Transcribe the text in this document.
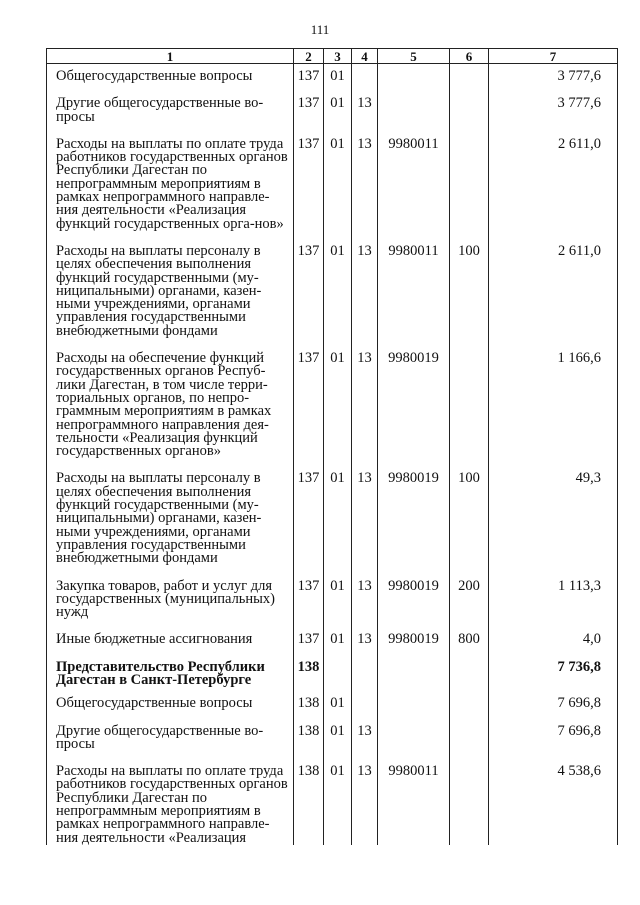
111
1	2	3	4	5	6	7
Общегосударственные вопросы	137	01				3 777,6
Другие общегосударственные во-просы	137	01	13			3 777,6
Расходы на выплаты по оплате труда работников государственных органов Республики Дагестан по непрограммным мероприятиям в рамках непрограммного направле-ния деятельности «Реализация функций государственных орга-нов»	137	01	13	9980011		2 611,0
Расходы на выплаты персоналу в целях обеспечения выполнения функций государственными (му-ниципальными) органами, казен-ными учреждениями, органами управления государственными внебюджетными фондами	137	01	13	9980011	100	2 611,0
Расходы на обеспечение функций государственных органов Респуб-лики Дагестан, в том числе терри-ториальных органов, по непро-граммным мероприятиям в рамках непрограммного направления дея-тельности «Реализация функций государственных органов»	137	01	13	9980019		1 166,6
Расходы на выплаты персоналу в целях обеспечения выполнения функций государственными (му-ниципальными) органами, казен-ными учреждениями, органами управления государственными внебюджетными фондами	137	01	13	9980019	100	49,3
Закупка товаров, работ и услуг для государственных (муниципальных) нужд	137	01	13	9980019	200	1 113,3
Иные бюджетные ассигнования	137	01	13	9980019	800	4,0
Представительство Республики Дагестан в Санкт-Петербурге	138					7 736,8
Общегосударственные вопросы	138	01				7 696,8
Другие общегосударственные во-просы	138	01	13			7 696,8
Расходы на выплаты по оплате труда работников государственных органов Республики Дагестан по непрограммным мероприятиям в рамках непрограммного направле-ния деятельности «Реализация	138	01	13	9980011		4 538,6
